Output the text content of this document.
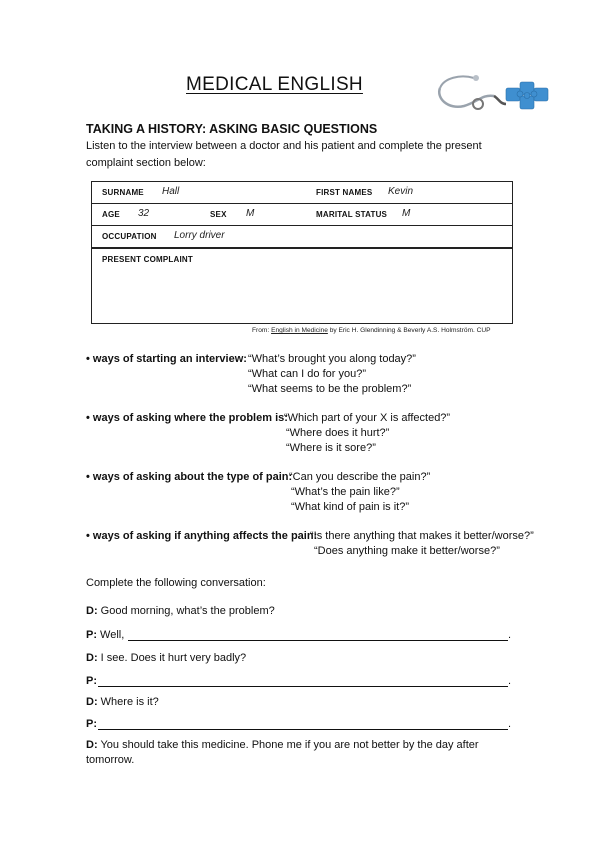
MEDICAL ENGLISH
TAKING A HISTORY: ASKING BASIC QUESTIONS
Listen to the interview between a doctor and his patient and complete the present
complaint section below:
SURNAME Hall	FIRST NAMES Kevin
AGE 32	SEX M	MARITAL STATUS M
OCCUPATION Lorry driver
PRESENT COMPLAINT
From: English in Medicine by Eric H. Glendinning & Beverly A.S. Holmström. CUP
• ways of starting an interview: “What’s brought you along today?”
“What can I do for you?”
“What seems to be the problem?”
• ways of asking where the problem is:
“Which part of your X is affected?”
“Where does it hurt?”
“Where is it sore?”
• ways of asking about the type of pain:
“Can you describe the pain?”
“What’s the pain like?”
“What kind of pain is it?”
• ways of asking if anything affects the pain:
“Is there anything that makes it better/worse?”
“Does anything make it better/worse?”
Complete the following conversation:
D: Good morning, what’s the problem?
P: Well,	.
D: I see. Does it hurt very badly?
P:	.
D: Where is it?
P:	.
D: You should take this medicine. Phone me if you are not better by the day after
tomorrow.
